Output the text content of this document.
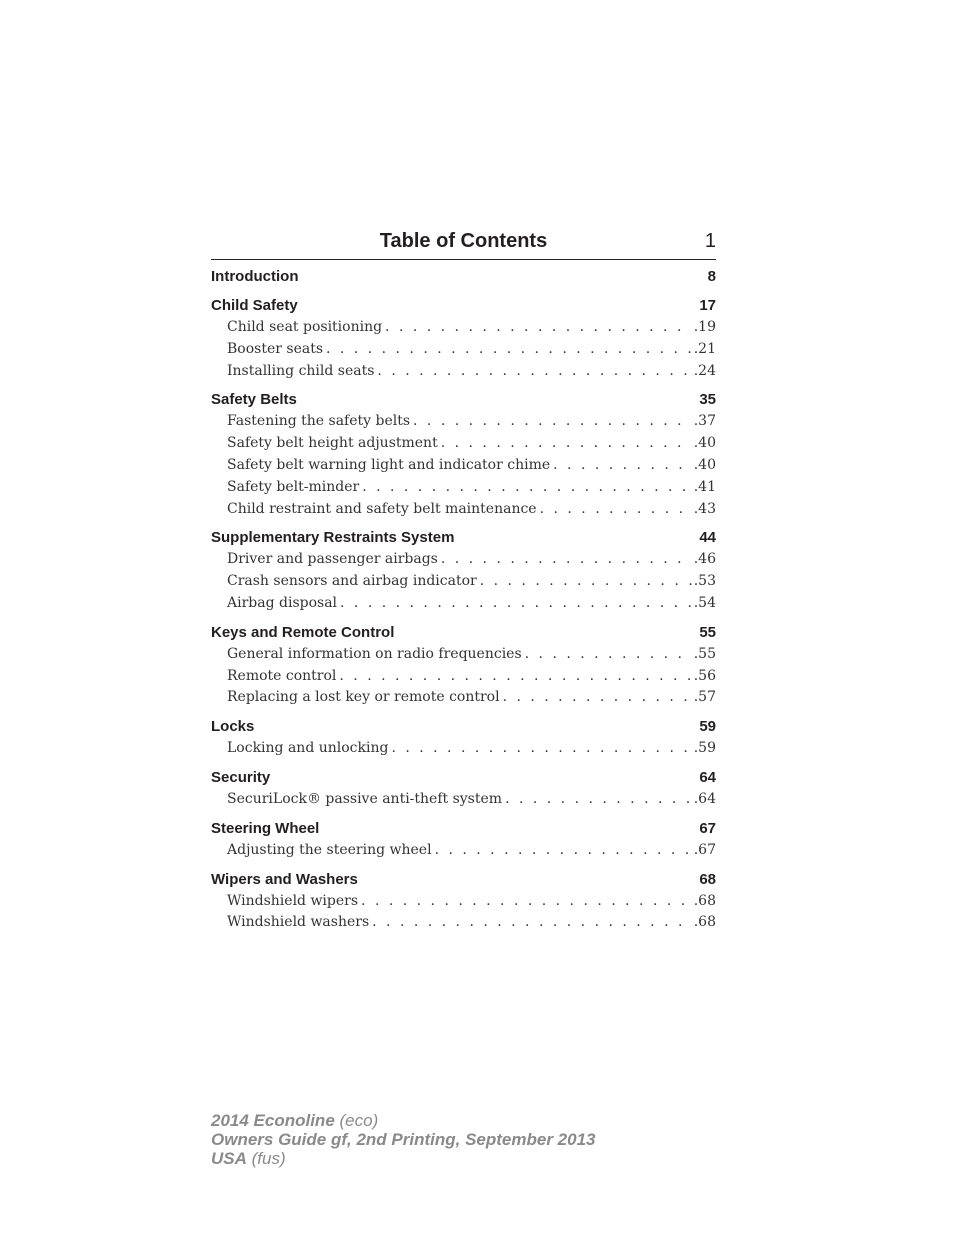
Table of Contents	1
Introduction	8
Child Safety	17
Child seat positioning . . .	.19
Booster seats . . .	.21
Installing child seats . . .	.24
Safety Belts	35
Fastening the safety belts . . .	.37
Safety belt height adjustment . . .	.40
Safety belt warning light and indicator chime . . .	.40
Safety belt-minder . . .	.41
Child restraint and safety belt maintenance . . .	.43
Supplementary Restraints System	44
Driver and passenger airbags . . .	.46
Crash sensors and airbag indicator . . .	.53
Airbag disposal . . .	.54
Keys and Remote Control	55
General information on radio frequencies . . .	.55
Remote control . . .	.56
Replacing a lost key or remote control . . .	.57
Locks	59
Locking and unlocking . . .	.59
Security	64
SecuriLock® passive anti-theft system . . .	.64
Steering Wheel	67
Adjusting the steering wheel . . .	.67
Wipers and Washers	68
Windshield wipers . . .	.68
Windshield washers . . .	.68
2014 Econoline (eco)
Owners Guide gf, 2nd Printing, September 2013
USA (fus)
